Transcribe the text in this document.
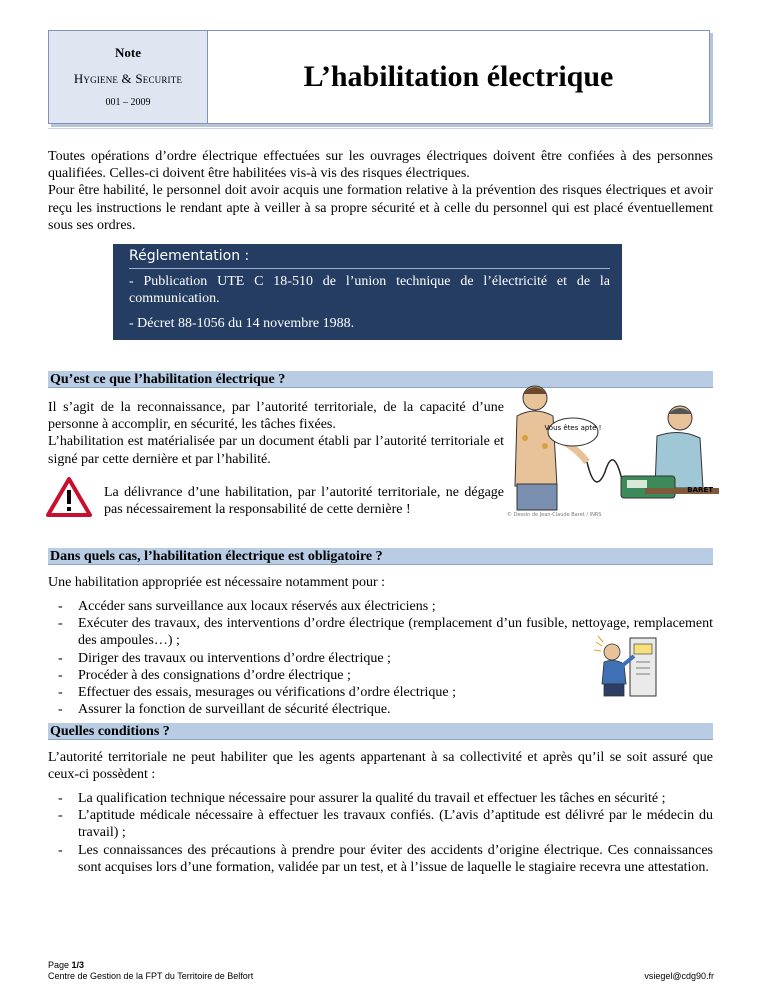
Note
Hygiene & Securite
001 – 2009
L’habilitation électrique

Toutes opérations d’ordre électrique effectuées sur les ouvrages électriques doivent être confiées à des personnes qualifiées. Celles-ci doivent être habilitées vis-à vis des risques électriques.

Pour être habilité, le personnel doit avoir acquis une formation relative à la prévention des risques électriques et avoir reçu les instructions le rendant apte à veiller à sa propre sécurité et à celle du personnel qui est placé éventuellement sous ses ordres.

Réglementation :

- Publication UTE C 18-510 de l’union technique de l’électricité et de la communication.

- Décret 88-1056 du 14 novembre 1988.

Qu’est ce que l’habilitation électrique ?

Il s’agit de la reconnaissance, par l’autorité territoriale, de la capacité d’une personne à accomplir, en sécurité, les tâches fixées.

L’habilitation est matérialisée par un document établi par l’autorité territoriale et signé par cette dernière et par l’habilité.

La délivrance d’une habilitation, par l’autorité territoriale, ne dégage pas nécessairement la responsabilité de cette dernière !
Vous êtes apte !
BARET
© Dessin de Jean-Claude Baret / INRS
Dans quels cas, l’habilitation électrique est obligatoire ?
Une habilitation appropriée est nécessaire notamment pour :
- Accéder sans surveillance aux locaux réservés aux électriciens ;
- Exécuter des travaux, des interventions d’ordre électrique (remplacement d’un fusible, nettoyage, remplacement des ampoules…) ;
- Diriger des travaux ou interventions d’ordre électrique ;
- Procéder à des consignations d’ordre électrique ;
- Effectuer des essais, mesurages ou vérifications d’ordre électrique ;
- Assurer la fonction de surveillant de sécurité électrique.
Quelles conditions ?
L’autorité territoriale ne peut habiliter que les agents appartenant à sa collectivité et après qu’il se soit assuré que ceux-ci possèdent :
- La qualification technique nécessaire pour assurer la qualité du travail et effectuer les tâches en sécurité ;
- L’aptitude médicale nécessaire à effectuer les travaux confiés. (L’avis d’aptitude est délivré par le médecin du travail) ;
- Les connaissances des précautions à prendre pour éviter des accidents d’origine électrique. Ces connaissances sont acquises lors d’une formation, validée par un test, et à l’issue de laquelle le stagiaire recevra une attestation.
Page 1/3
Centre de Gestion de la FPT du Territoire de Belfort	vsiegel@cdg90.fr
